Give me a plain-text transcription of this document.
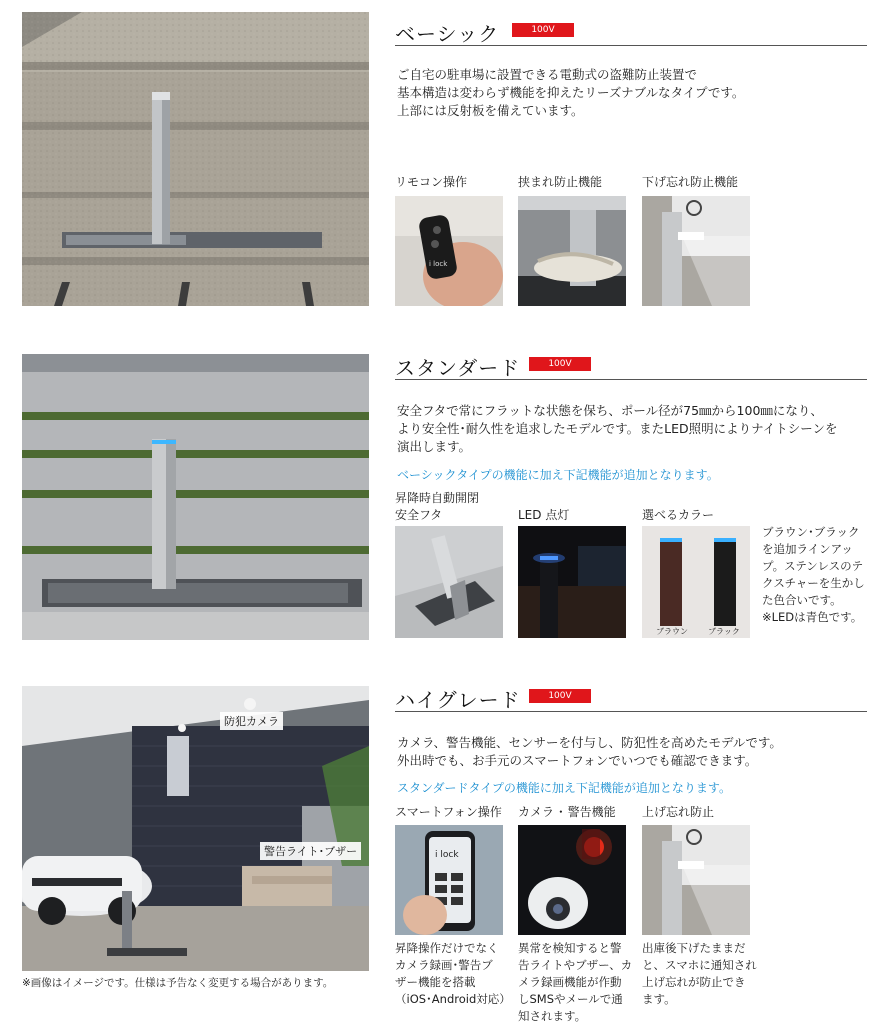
ベーシック	100V

ご自宅の駐車場に設置できる電動式の盗難防止装置で

基本構造は変わらず機能を抑えたリーズナブルなタイプです。

上部には反射板を備えています。

リモコン操作	挟まれ防止機能	下げ忘れ防止機能
i lock
スタンダード	100V

安全フタで常にフラットな状態を保ち、ポール径が75㎜から100㎜になり、

より安全性･耐久性を追求したモデルです。またLED照明によりナイトシーンを

演出します。

ベーシックタイプの機能に加え下記機能が追加となります。
昇降時自動開閉
安全フタ	LED 点灯	選べるカラー
ブラウン	ブラック

ブラウン･ブラック

を追加ラインアッ

プ。ステンレスのテ

クスチャーを生かし

た色合いです。

※LEDは青色です。

防犯カメラ
警告ライト･ブザー
ハイグレード	100V

カメラ、警告機能、センサーを付与し、防犯性を高めたモデルです。

外出時でも、お手元のスマートフォンでいつでも確認できます。

スタンダードタイプの機能に加え下記機能が追加となります。
スマートフォン操作 カメラ ･ 警告機能 上げ忘れ防止
i lock

昇降操作だけでなく

カメラ録画･警告ブ

ザー機能を搭載

（iOS･Android対応）

異常を検知すると警

告ライトやブザー、カ

メラ録画機能が作動

しSMSやメールで通

知されます。

出庫後下げたままだ

と、スマホに通知され

上げ忘れが防止でき

ます。

※画像はイメージです。仕様は予告なく変更する場合があります。
